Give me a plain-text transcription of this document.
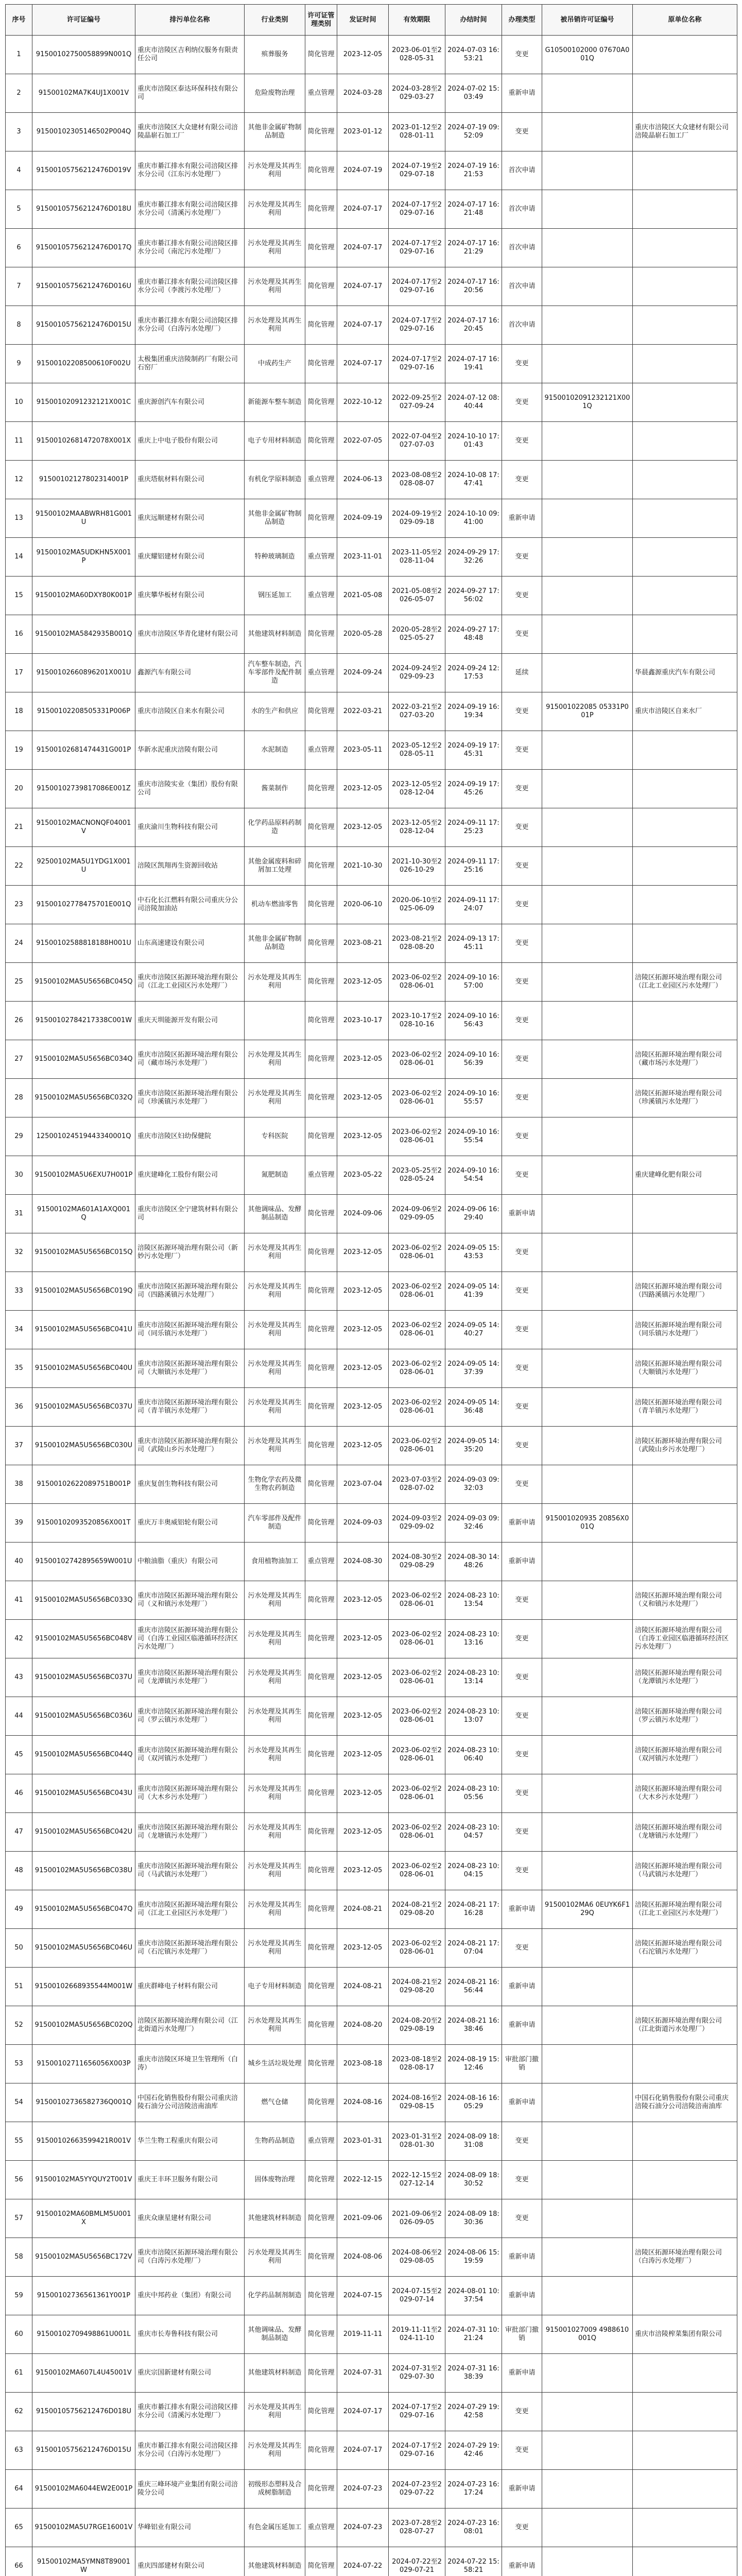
序号	许可证编号	排污单位名称	行业类别	许可证管理类别	发证时间	有效期限	办结时间	办理类型	被吊销许可证编号	原单位名称
1	91500102750058899N001Q	重庆市涪陵区吉利纳仪服务有限责任公司	殡葬服务	简化管理	2023-12-05	2023-06-01至2028-05-31	2024-07-03 16:53:21	变更	G10500102000 07670A001Q	
2	91500102MA7K4UJ1X001V	重庆市涪陵区泰达环保科技有限公司	危险废物治理	重点管理	2024-03-28	2024-03-28至2029-03-27	2024-07-02 15:03:49	重新申请		
3	91500102305146502P004Q	重庆市涪陵区大众建材有限公司涪陵晶崭石加工厂	其他非金属矿物制品制造	简化管理	2023-01-12	2023-01-12至2028-01-11	2024-07-19 09:52:09	变更		重庆市涪陵区大众建材有限公司涪陵晶崭石加工厂
4	91500105756212476D019V	重庆市綦江排水有限公司涪陵区排水分公司（江东污水处理厂）	污水处理及其再生利用	简化管理	2024-07-19	2024-07-19至2029-07-18	2024-07-19 16:21:53	首次申请		
5	91500105756212476D018U	重庆市綦江排水有限公司涪陵区排水分公司（清溪污水处理厂）	污水处理及其再生利用	简化管理	2024-07-17	2024-07-17至2029-07-16	2024-07-17 16:21:48	首次申请		
6	91500105756212476D017Q	重庆市綦江排水有限公司涪陵区排水分公司（南沱污水处理厂）	污水处理及其再生利用	简化管理	2024-07-17	2024-07-17至2029-07-16	2024-07-17 16:21:29	首次申请		
7	91500105756212476D016U	重庆市綦江排水有限公司涪陵区排水分公司（李渡污水处理厂）	污水处理及其再生利用	简化管理	2024-07-17	2024-07-17至2029-07-16	2024-07-17 16:20:56	首次申请		
8	91500105756212476D015U	重庆市綦江排水有限公司涪陵区排水分公司（白涛污水处理厂）	污水处理及其再生利用	简化管理	2024-07-17	2024-07-17至2029-07-16	2024-07-17 16:20:45	首次申请		
9	91500102208500610F002U	太极集团重庆涪陵制药厂有限公司石窑厂	中成药生产	简化管理	2024-07-17	2024-07-17至2029-07-16	2024-07-17 16:19:41	变更		
10	91500102091232121X001C	重庆源创汽车有限公司	新能源车整车制造	简化管理	2022-10-12	2022-09-25至2027-09-24	2024-07-12 08:40:44	变更	91500102091232121X001Q	
11	91500102681472078X001X	重庆上中电子股份有限公司	电子专用材料制造	简化管理	2022-07-05	2022-07-04至2027-07-03	2024-10-10 17:01:43	变更		
12	91500102127802314001P	重庆塔航材料有限公司	有机化学原料制造	重点管理	2024-06-13	2023-08-08至2028-08-07	2024-10-08 17:47:41	变更		
13	91500102MAABWRH81G001U	重庆远顺建材有限公司	其他非金属矿物制品制造	简化管理	2024-09-19	2024-09-19至2029-09-18	2024-10-10 09:41:00	重新申请		
14	91500102MA5UDKHN5X001P	重庆耀铝建材有限公司	特种玻璃制造	重点管理	2023-11-01	2023-11-05至2028-11-04	2024-09-29 17:32:26	变更		
15	91500102MA60DXY80K001P	重庆攀华板材有限公司	钢压延加工	重点管理	2021-05-08	2021-05-08至2026-05-07	2024-09-27 17:56:02	变更		
16	91500102MA5842935B001Q	重庆市涪陵区华青化建材有限公司	其他建筑材料制造	简化管理	2020-05-28	2020-05-28至2025-05-27	2024-09-27 17:48:48	变更		
17	91500102660896201X001U	鑫源汽车有限公司	汽车整车制造，汽车零部件及配件制造	重点管理	2024-09-24	2024-09-24至2029-09-23	2024-09-24 12:17:53	延续		华晨鑫源重庆汽车有限公司
18	91500102208505331P006P	重庆市涪陵区自来水有限公司	水的生产和供应	简化管理	2022-03-21	2022-03-21至2027-03-20	2024-09-19 16:19:34	变更	915001022085 05331P001P	重庆市涪陵区自来水厂
19	91500102681474431G001P	华新水泥重庆涪陵有限公司	水泥制造	重点管理	2023-05-11	2023-05-12至2028-05-11	2024-09-19 17:45:31	变更		
20	91500102739817086E001Z	重庆市涪陵实业（集团）股份有限公司	酱菜制作	简化管理	2023-12-05	2023-12-05至2028-12-04	2024-09-19 17:45:26	变更		
21	91500102MACNONQF04001V	重庆渝川生物科技有限公司	化学药品原料药制造	简化管理	2023-12-05	2023-12-05至2028-12-04	2024-09-11 17:25:23	变更		
22	92500102MA5U1YDG1X001U	涪陵区凯翔再生资源回收站	其他金属废料和碎屑加工处理	简化管理	2021-10-30	2021-10-30至2026-10-29	2024-09-11 17:25:16	变更		
23	91500102778475701E001Q	中石化长江燃料有限公司重庆分公司涪陵加油站	机动车燃油零售	简化管理	2020-06-10	2020-06-10至2025-06-09	2024-09-11 17:24:07	变更		
24	91500102588818188H001U	山东高速建设有限公司	其他非金属矿物制品制造	简化管理	2023-08-21	2023-08-21至2028-08-20	2024-09-13 17:45:11	变更		
25	91500102MA5U5656BC045Q	重庆市涪陵区拓源环境治理有限公司（江北工业园区污水处理厂）	污水处理及其再生利用	简化管理	2023-12-05	2023-06-02至2028-06-01	2024-09-10 16:57:00	变更		涪陵区拓源环境治理有限公司（江北工业园区污水处理厂）
26	91500102784217338C001W	重庆天圳能源开发有限公司		简化管理	2023-10-17	2023-10-17至2028-10-16	2024-09-10 16:56:43	变更		
27	91500102MA5U5656BC034Q	重庆市涪陵区拓源环境治理有限公司（藏市场污水处理厂）	污水处理及其再生利用	简化管理	2023-12-05	2023-06-02至2028-06-01	2024-09-10 16:56:39	变更		涪陵区拓源环境治理有限公司（藏市场污水处理厂）
28	91500102MA5U5656BC032Q	重庆市涪陵区拓源环境治理有限公司（珍溪镇污水处理厂）	污水处理及其再生利用	简化管理	2023-12-05	2023-06-02至2028-06-01	2024-09-10 16:55:57	变更		涪陵区拓源环境治理有限公司（珍溪镇污水处理厂）
29	125001024519443340001Q	重庆市涪陵区妇幼保健院	专科医院	简化管理	2023-12-05	2023-06-02至2028-06-01	2024-09-10 16:55:54	变更		
30	91500102MA5U6EXU7H001P	重庆建峰化工股份有限公司	氮肥制造	重点管理	2023-05-22	2023-05-25至2028-05-24	2024-09-10 16:54:54	变更		重庆建峰化肥有限公司
31	91500102MA601A1AXQ001Q	重庆市涪陵区全宁建筑材料有限公司	其他调味品、发酵制品制造	简化管理	2024-09-06	2024-09-06至2029-09-05	2024-09-06 16:29:40	重新申请		
32	91500102MA5U5656BC015Q	涪陵区拓源环境治理有限公司（新妙污水处理厂）	污水处理及其再生利用	简化管理	2023-12-05	2023-06-02至2028-06-01	2024-09-05 15:43:53	变更		
33	91500102MA5U5656BC019Q	重庆市涪陵区拓源环境治理有限公司（四路溪镇污水处理厂）	污水处理及其再生利用	简化管理	2023-12-05	2023-06-02至2028-06-01	2024-09-05 14:41:39	变更		涪陵区拓源环境治理有限公司（四路溪镇污水处理厂）
34	91500102MA5U5656BC041U	重庆市涪陵区拓源环境治理有限公司（同乐镇污水处理厂）	污水处理及其再生利用	简化管理	2023-12-05	2023-06-02至2028-06-01	2024-09-05 14:40:27	变更		涪陵区拓源环境治理有限公司（同乐镇污水处理厂）
35	91500102MA5U5656BC040U	重庆市涪陵区拓源环境治理有限公司（大顺镇污水处理厂）	污水处理及其再生利用	简化管理	2023-12-05	2023-06-02至2028-06-01	2024-09-05 14:37:39	变更		涪陵区拓源环境治理有限公司（大顺镇污水处理厂）
36	91500102MA5U5656BC037U	重庆市涪陵区拓源环境治理有限公司（青羊镇污水处理厂）	污水处理及其再生利用	简化管理	2023-12-05	2023-06-02至2028-06-01	2024-09-05 14:36:48	变更		涪陵区拓源环境治理有限公司（青羊镇污水处理厂）
37	91500102MA5U5656BC030U	重庆市涪陵区拓源环境治理有限公司（武陵山乡污水处理厂）	污水处理及其再生利用	简化管理	2023-12-05	2023-06-02至2028-06-01	2024-09-05 14:35:20	变更		涪陵区拓源环境治理有限公司（武陵山乡污水处理厂）
38	91500102622089751B001P	重庆复创生物科技有限公司	生物化学农药及微生物农药制造	简化管理	2023-07-04	2023-07-03至2028-07-02	2024-09-03 09:32:03	变更		
39	91500102093520856X001T	重庆万丰奥威铝轮有限公司	汽车零部件及配件制造	简化管理	2024-09-03	2024-09-03至2029-09-02	2024-09-03 09:32:46	重新申请	915001020935 20856X001Q	
40	91500102742895659W001U	中粮油脂（重庆）有限公司	食用植物油加工	重点管理	2024-08-30	2024-08-30至2029-08-29	2024-08-30 14:48:26	重新申请		
41	91500102MA5U5656BC033Q	重庆市涪陵区拓源环境治理有限公司（义和镇污水处理厂）	污水处理及其再生利用	简化管理	2023-12-05	2023-06-02至2028-06-01	2024-08-23 10:13:54	变更		涪陵区拓源环境治理有限公司（义和镇污水处理厂）
42	91500102MA5U5656BC048V	重庆市涪陵区拓源环境治理有限公司（白涛工业园区临港循环经济区污水处理厂）	污水处理及其再生利用	简化管理	2023-12-05	2023-06-02至2028-06-01	2024-08-23 10:13:16	变更		涪陵区拓源环境治理有限公司（白涛工业园区临港循环经济区污水处理厂）
43	91500102MA5U5656BC037U	重庆市涪陵区拓源环境治理有限公司（龙潭镇污水处理厂）	污水处理及其再生利用	简化管理	2023-12-05	2023-06-02至2028-06-01	2024-08-23 10:13:14	变更		涪陵区拓源环境治理有限公司（龙潭镇污水处理厂）
44	91500102MA5U5656BC036U	重庆市涪陵区拓源环境治理有限公司（罗云镇污水处理厂）	污水处理及其再生利用	简化管理	2023-12-05	2023-06-02至2028-06-01	2024-08-23 10:13:07	变更		涪陵区拓源环境治理有限公司（罗云镇污水处理厂）
45	91500102MA5U5656BC044Q	重庆市涪陵区拓源环境治理有限公司（双河镇污水处理厂）	污水处理及其再生利用	简化管理	2023-12-05	2023-06-02至2028-06-01	2024-08-23 10:06:40	变更		涪陵区拓源环境治理有限公司（双河镇污水处理厂）
46	91500102MA5U5656BC043U	重庆市涪陵区拓源环境治理有限公司（大木乡污水处理厂）	污水处理及其再生利用	简化管理	2023-12-05	2023-06-02至2028-06-01	2024-08-23 10:05:56	变更		涪陵区拓源环境治理有限公司（大木乡污水处理厂）
47	91500102MA5U5656BC042U	重庆市涪陵区拓源环境治理有限公司（龙塘镇污水处理厂）	污水处理及其再生利用	简化管理	2023-12-05	2023-06-02至2028-06-01	2024-08-23 10:04:57	变更		涪陵区拓源环境治理有限公司（龙塘镇污水处理厂）
48	91500102MA5U5656BC038U	重庆市涪陵区拓源环境治理有限公司（马武镇污水处理厂）	污水处理及其再生利用	简化管理	2023-12-05	2023-06-02至2028-06-01	2024-08-23 10:04:15	变更		涪陵区拓源环境治理有限公司（马武镇污水处理厂）
49	91500102MA5U5656BC047Q	重庆市涪陵区拓源环境治理有限公司（江北工业园区污水处理厂）	污水处理及其再生利用	简化管理	2024-08-21	2024-08-21至2029-08-20	2024-08-21 17:16:28	重新申请	91500102MA6 0EUYK6F129Q	涪陵区拓源环境治理有限公司（江北工业园区污水处理厂）
50	91500102MA5U5656BC046U	重庆市涪陵区拓源环境治理有限公司（石沱镇污水处理厂）	污水处理及其再生利用	简化管理	2023-12-05	2023-06-02至2028-06-01	2024-08-21 17:07:04	变更		涪陵区拓源环境治理有限公司（石沱镇污水处理厂）
51	91500102668935544M001W	重庆群峰电子材料有限公司	电子专用材料制造	简化管理	2024-08-21	2024-08-21至2029-08-20	2024-08-21 16:56:44	重新申请		
52	91500102MA5U5656BC020Q	涪陵区拓源环境治理有限公司（江北街道污水处理厂）	污水处理及其再生利用	简化管理	2024-08-20	2024-08-20至2029-08-19	2024-08-21 16:38:46	重新申请		涪陵区拓源环境治理有限公司（江北街道污水处理厂）
53	91500102711656056X003P	重庆市涪陵区环境卫生管理所（白涛）	城乡生活垃圾处理	简化管理	2023-08-18	2023-08-18至2028-08-17	2024-08-19 15:12:46	审批部门撤销		
54	91500102736582736Q001Q	中国石化销售股份有限公司重庆涪陵石油分公司涪陵涪南油库	燃气仓储	简化管理	2024-08-16	2024-08-16至2029-08-15	2024-08-16 16:05:29	重新申请		中国石化销售股份有限公司重庆涪陵石油分公司涪陵涪南油库
55	91500102663599421R001V	华兰生物工程重庆有限公司	生物药品制造	重点管理	2023-01-31	2023-01-31至2028-01-30	2024-08-09 18:31:08	变更		
56	91500102MA5YYQUY2T001V	重庆王丰环卫服务有限公司	固体废物治理	简化管理	2022-12-15	2022-12-15至2027-12-14	2024-08-09 18:30:52	变更		
57	91500102MA60BMLM5U001X	重庆众康星建材有限公司	其他建筑材料制造	简化管理	2021-09-06	2021-09-06至2026-09-05	2024-08-09 18:30:36	变更		
58	91500102MA5U5656BC172V	重庆市涪陵区拓源环境治理有限公司（白涛污水处理厂）	污水处理及其再生利用	简化管理	2024-08-06	2024-08-06至2029-08-05	2024-08-06 15:19:59	重新申请		涪陵区拓源环境治理有限公司（白涛污水处理厂）
59	91500102736561361Y001P	重庆中邦药业（集团）有限公司	化学药品制剂制造	简化管理	2024-07-15	2024-07-15至2029-07-14	2024-08-01 10:37:54	重新申请		
60	91500102709498861U001L	重庆市长寿鲁科技有限公司	其他调味品、发酵制品制造	简化管理	2019-11-11	2019-11-11至2024-11-10	2024-07-31 10:21:24	审批部门撤销	915001027009 4988610001Q	重庆市涪陵榨菜集团有限公司
61	91500102MA607L4U45001V	重庆宗国新建材有限公司	其他建筑材料制造	简化管理	2024-07-31	2024-07-31至2029-07-30	2024-07-31 16:38:39	重新申请		
62	91500105756212476D018U	重庆市綦江排水有限公司涪陵区排水分公司（清溪污水处理厂）	污水处理及其再生利用	简化管理	2024-07-17	2024-07-17至2029-07-16	2024-07-29 19:42:58	变更		
63	91500105756212476D015U	重庆市綦江排水有限公司涪陵区排水分公司（白涛污水处理厂）	污水处理及其再生利用	简化管理	2024-07-17	2024-07-17至2029-07-16	2024-07-29 19:42:46	变更		
64	91500102MA6044EW2E001P	重庆三峰环境产业集团有限公司涪陵分公司	初级形态塑料及合成树脂制造	简化管理	2024-07-23	2024-07-23至2029-07-22	2024-07-23 16:17:24	重新申请		
65	91500102MA5U7RGE16001V	华峰铝业有限公司	有色金属压延加工	重点管理	2024-07-23	2023-07-28至2028-07-27	2024-07-23 16:08:01	变更		
66	91500102MA5YMN8T89001W	重庆四部建材有限公司	其他建筑材料制造	简化管理	2024-07-22	2024-07-22至2029-07-21	2024-07-22 15:58:21	重新申请		
